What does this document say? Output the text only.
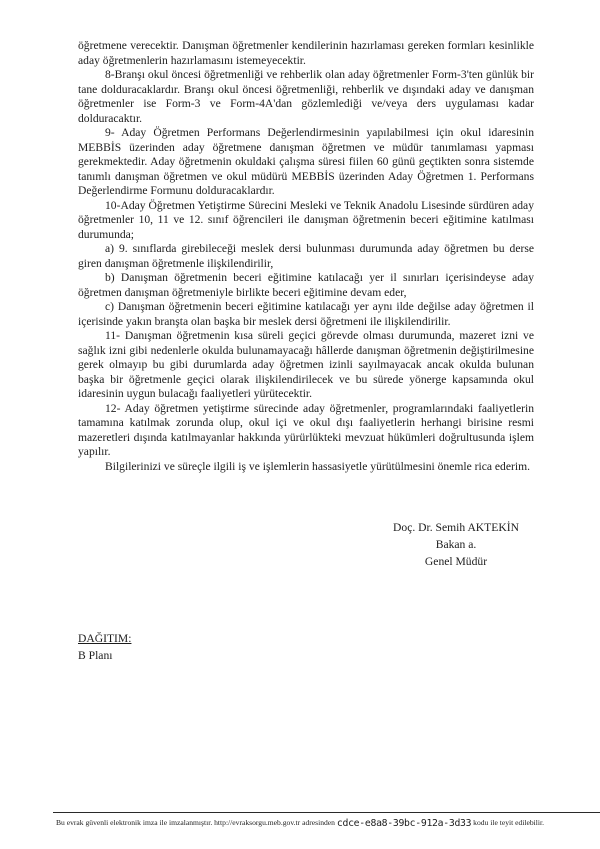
öğretmene verecektir. Danışman öğretmenler kendilerinin hazırlaması gereken formları kesinlikle aday öğretmenlerin hazırlamasını istemeyecektir.

8-Branşı okul öncesi öğretmenliği ve rehberlik olan aday öğretmenler Form-3'ten günlük bir tane dolduracaklardır. Branşı okul öncesi öğretmenliği, rehberlik ve dışındaki aday ve danışman öğretmenler ise Form-3 ve Form-4A'dan gözlemlediği ve/veya ders uygulaması kadar dolduracaktır.

9- Aday Öğretmen Performans Değerlendirmesinin yapılabilmesi için okul idaresinin MEBBİS üzerinden aday öğretmene danışman öğretmen ve müdür tanımlaması yapması gerekmektedir. Aday öğretmenin okuldaki çalışma süresi fiilen 60 günü geçtikten sonra sistemde tanımlı danışman öğretmen ve okul müdürü MEBBİS üzerinden Aday Öğretmen 1. Performans Değerlendirme Formunu dolduracaklardır.

10-Aday Öğretmen Yetiştirme Sürecini Mesleki ve Teknik Anadolu Lisesinde sürdüren aday öğretmenler 10, 11 ve 12. sınıf öğrencileri ile danışman öğretmenin beceri eğitimine katılması durumunda;

a) 9. sınıflarda girebileceği meslek dersi bulunması durumunda aday öğretmen bu derse giren danışman öğretmenle ilişkilendirilir,

b) Danışman öğretmenin beceri eğitimine katılacağı yer il sınırları içerisindeyse aday öğretmen danışman öğretmeniyle birlikte beceri eğitimine devam eder,

c) Danışman öğretmenin beceri eğitimine katılacağı yer aynı ilde değilse aday öğretmen il içerisinde yakın branşta olan başka bir meslek dersi öğretmeni ile ilişkilendirilir.

11- Danışman öğretmenin kısa süreli geçici görevde olması durumunda, mazeret izni ve sağlık izni gibi nedenlerle okulda bulunamayacağı hâllerde danışman öğretmenin değiştirilmesine gerek olmayıp bu gibi durumlarda aday öğretmen izinli sayılmayacak ancak okulda bulunan başka bir öğretmenle geçici olarak ilişkilendirilecek ve bu sürede yönerge kapsamında okul idaresinin uygun bulacağı faaliyetleri yürütecektir.

12- Aday öğretmen yetiştirme sürecinde aday öğretmenler, programlarındaki faaliyetlerin tamamına katılmak zorunda olup, okul içi ve okul dışı faaliyetlerin herhangi birisine resmi mazeretleri dışında katılmayanlar hakkında yürürlükteki mevzuat hükümleri doğrultusunda işlem yapılır.

Bilgilerinizi ve süreçle ilgili iş ve işlemlerin hassasiyetle yürütülmesini önemle rica ederim.

Doç. Dr. Semih AKTEKİN
Bakan a.
Genel Müdür
DAĞITIM:
B Planı
Bu evrak güvenli elektronik imza ile imzalanmıştır. http://evraksorgu.meb.gov.tr adresinden cdce-e8a8-39bc-912a-3d33 kodu ile teyit edilebilir.
